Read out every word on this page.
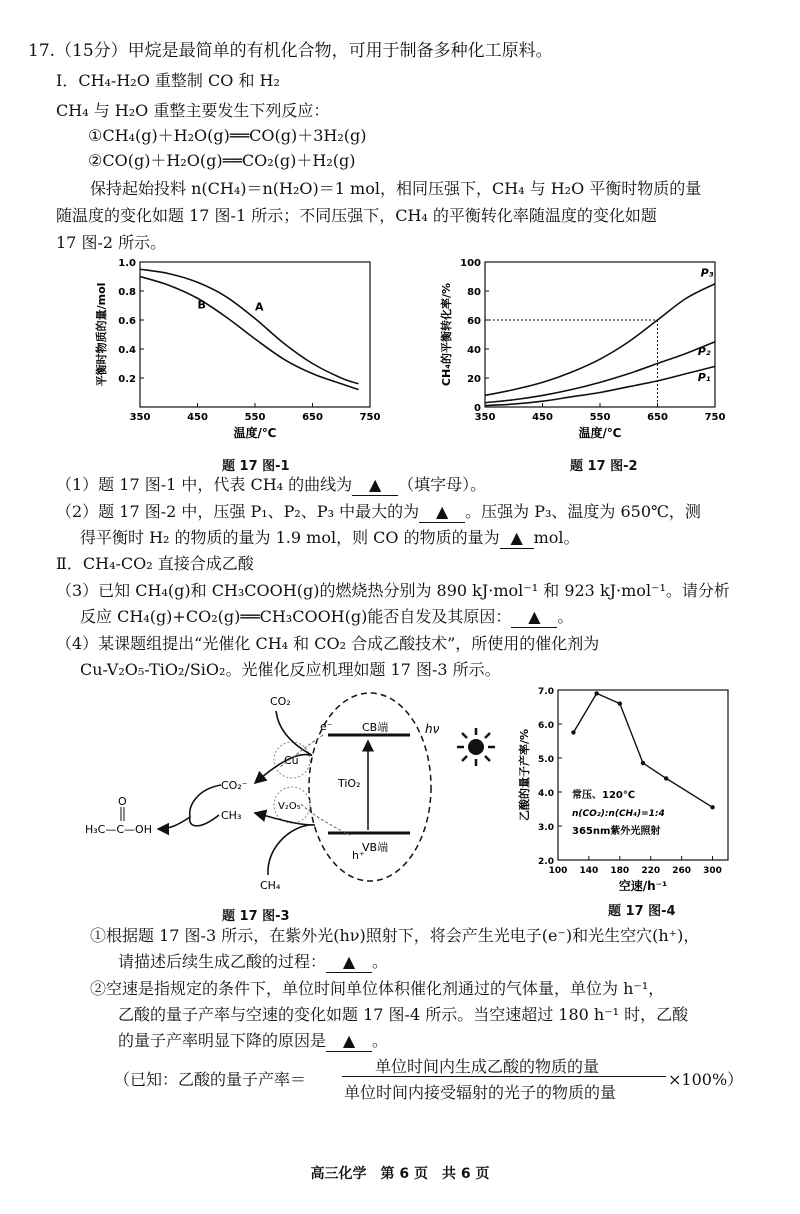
17.（15分）甲烷是最简单的有机化合物，可用于制备多种化工原料。
Ⅰ．CH₄-H₂O 重整制 CO 和 H₂
CH₄ 与 H₂O 重整主要发生下列反应：
①CH₄(g)＋H₂O(g)══CO(g)＋3H₂(g)
②CO(g)＋H₂O(g)══CO₂(g)＋H₂(g)
保持起始投料 n(CH₄)＝n(H₂O)＝1 mol，相同压强下，CH₄ 与 H₂O 平衡时物质的量
随温度的变化如题 17 图-1 所示；不同压强下，CH₄ 的平衡转化率随温度的变化如题
17 图-2 所示。
350	450	550	650	750
0.2
0.4
0.6
0.8
1.0
温度/℃
平衡时物质的量/mol	A
B
题 17 图-1
350	450	550	650	750
0
20
40
60
80
100
温度/℃
CH₄的平衡转化率/%
P₃
P₂
P₁
题 17 图-2
（1）题 17 图-1 中，代表 CH₄ 的曲线为 ▲ （填字母）。
（2）题 17 图-2 中，压强 P₁、P₂、P₃ 中最大的为 ▲ 。压强为 P₃、温度为 650℃，测
得平衡时 H₂ 的物质的量为 1.9 mol，则 CO 的物质的量为 ▲ mol。
Ⅱ．CH₄-CO₂ 直接合成乙酸
（3）已知 CH₄(g)和 CH₃COOH(g)的燃烧热分别为 890 kJ·mol⁻¹ 和 923 kJ·mol⁻¹。请分析
反应 CH₄(g)+CO₂(g)══CH₃COOH(g)能否自发及其原因： ▲ 。
（4）某课题组提出“光催化 CH₄ 和 CO₂ 合成乙酸技术”，所使用的催化剂为
Cu-V₂O₅-TiO₂/SiO₂。光催化反应机理如题 17 图-3 所示。
e⁻	CB端
VB端
h⁺
TiO₂
hν
Cu
V₂O₅
CO₂
CO₂⁻
CH₃
CH₄
O
H₃C—C—OH
题 17 图-3
100 140 180 220 260 300
2.0
3.0
4.0
5.0
6.0
7.0
空速/h⁻¹
乙酸的量子产率/%	常压、120℃
n(CO₂):n(CH₄)=1:4
365nm紫外光照射
题 17 图-4
①根据题 17 图-3 所示，在紫外光(hν)照射下，将会产生光电子(e⁻)和光生空穴(h⁺)，
请描述后续生成乙酸的过程： ▲ 。
②空速是指规定的条件下，单位时间单位体积催化剂通过的气体量，单位为 h⁻¹，
乙酸的量子产率与空速的变化如题 17 图-4 所示。当空速超过 180 h⁻¹ 时，乙酸
的量子产率明显下降的原因是 ▲ 。
（已知：乙酸的量子产率＝
单位时间内生成乙酸的物质的量
单位时间内接受辐射的光子的物质的量
×100%）
高三化学　第 6 页　共 6 页
